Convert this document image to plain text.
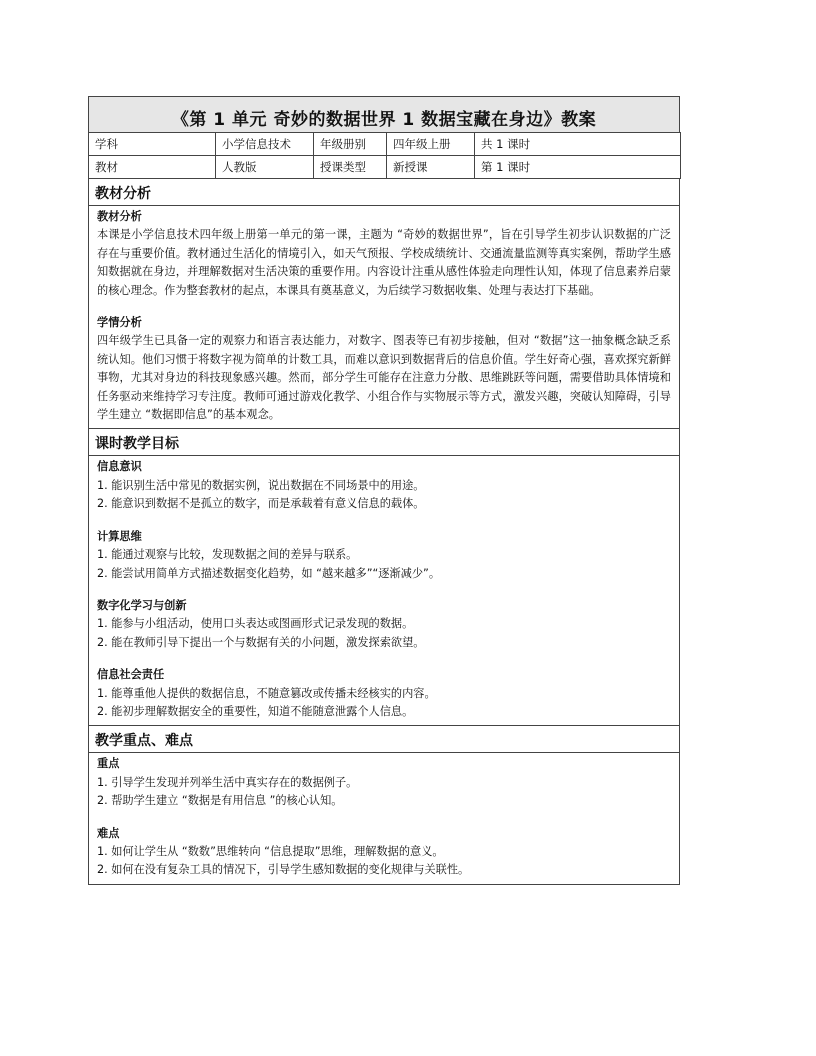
《第 1 单元 奇妙的数据世界 1 数据宝藏在身边》教案
学科	小学信息技术	年级册别	四年级上册	共 1 课时
教材	人教版	授课类型	新授课	第 1 课时
教材分析
教材分析
本课是小学信息技术四年级上册第一单元的第一课，主题为 “奇妙的数据世界”，旨在引导学生初步认识数据的广泛存在与重要价值。教材通过生活化的情境引入，如天气预报、学校成绩统计、交通流量监测等真实案例，帮助学生感知数据就在身边，并理解数据对生活决策的重要作用。内容设计注重从感性体验走向理性认知，体现了信息素养启蒙的核心理念。作为整套教材的起点，本课具有奠基意义，为后续学习数据收集、处理与表达打下基础。
学情分析
四年级学生已具备一定的观察力和语言表达能力，对数字、图表等已有初步接触，但对 “数据”这一抽象概念缺乏系统认知。他们习惯于将数字视为简单的计数工具，而难以意识到数据背后的信息价值。学生好奇心强，喜欢探究新鲜事物，尤其对身边的科技现象感兴趣。然而，部分学生可能存在注意力分散、思维跳跃等问题，需要借助具体情境和任务驱动来维持学习专注度。教师可通过游戏化教学、小组合作与实物展示等方式，激发兴趣，突破认知障碍，引导学生建立 “数据即信息”的基本观念。
课时教学目标
信息意识
1. 能识别生活中常见的数据实例，说出数据在不同场景中的用途。
2. 能意识到数据不是孤立的数字，而是承载着有意义信息的载体。
计算思维
1. 能通过观察与比较，发现数据之间的差异与联系。
2. 能尝试用简单方式描述数据变化趋势，如 “越来越多”“逐渐减少”。
数字化学习与创新
1. 能参与小组活动，使用口头表达或图画形式记录发现的数据。
2. 能在教师引导下提出一个与数据有关的小问题，激发探索欲望。
信息社会责任
1. 能尊重他人提供的数据信息，不随意篡改或传播未经核实的内容。
2. 能初步理解数据安全的重要性，知道不能随意泄露个人信息。
教学重点、难点
重点
1. 引导学生发现并列举生活中真实存在的数据例子。
2. 帮助学生建立 “数据是有用信息 ”的核心认知。
难点
1. 如何让学生从 “数数”思维转向 “信息提取”思维，理解数据的意义。
2. 如何在没有复杂工具的情况下，引导学生感知数据的变化规律与关联性。
